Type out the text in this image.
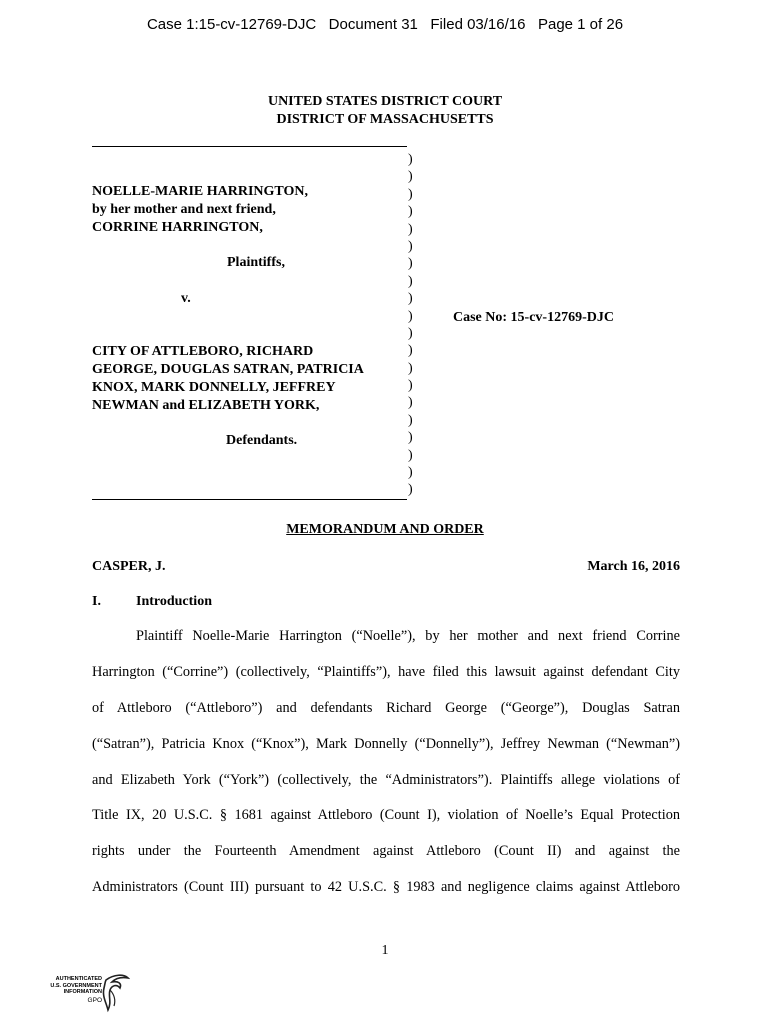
Case 1:15-cv-12769-DJC   Document 31   Filed 03/16/16   Page 1 of 26
UNITED STATES DISTRICT COURT
DISTRICT OF MASSACHUSETTS
)
)
)
)
)
)
)
)
)
)
)
)
)
)
)
)
)
)
)
)
NOELLE-MARIE HARRINGTON,
by her mother and next friend,
CORRINE HARRINGTON,
Plaintiffs,
v.
Case No: 15-cv-12769-DJC
CITY OF ATTLEBORO, RICHARD
GEORGE, DOUGLAS SATRAN, PATRICIA
KNOX, MARK DONNELLY, JEFFREY
NEWMAN and ELIZABETH YORK,
Defendants.
MEMORANDUM AND ORDER
CASPER, J.	March 16, 2016
I.	Introduction
Plaintiff Noelle-Marie Harrington (“Noelle”), by her mother and next friend Corrine
Harrington (“Corrine”) (collectively, “Plaintiffs”), have filed this lawsuit against defendant City
of Attleboro (“Attleboro”) and defendants Richard George (“George”), Douglas Satran
(“Satran”), Patricia Knox (“Knox”), Mark Donnelly (“Donnelly”), Jeffrey Newman (“Newman”)
and Elizabeth York (“York”) (collectively, the “Administrators”). Plaintiffs allege violations of
Title IX, 20 U.S.C. § 1681 against Attleboro (Count I), violation of Noelle’s Equal Protection
rights under the Fourteenth Amendment against Attleboro (Count II) and against the
Administrators (Count III) pursuant to 42 U.S.C. § 1983 and negligence claims against Attleboro
1
AUTHENTICATED
U.S. GOVERNMENT
INFORMATION
GPO
